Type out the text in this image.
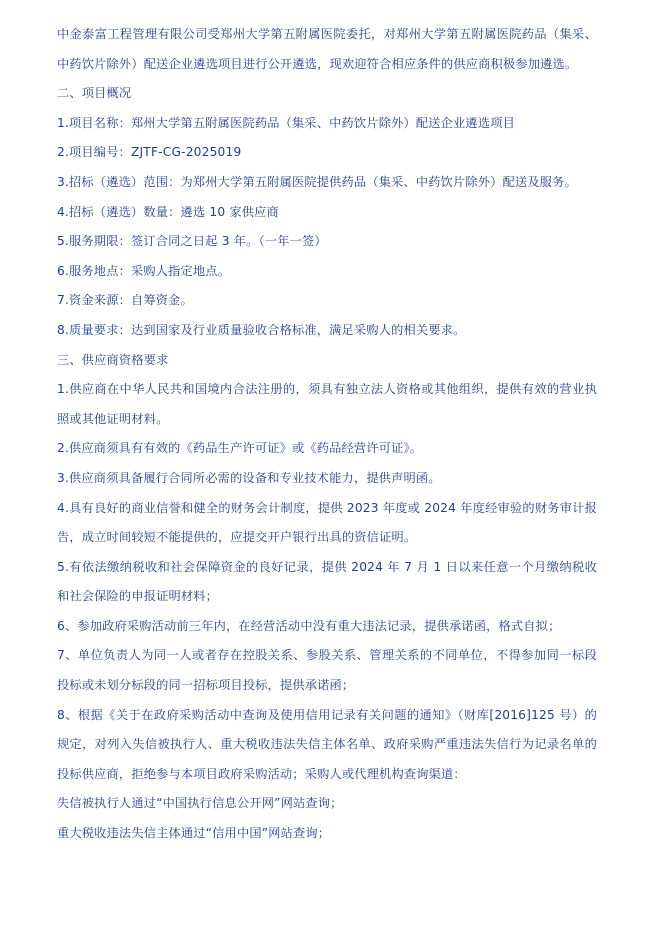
中金泰富工程管理有限公司受郑州大学第五附属医院委托，对郑州大学第五附属医院药品（集采、中药饮片除外）配送企业遴选项目进行公开遴选，现欢迎符合相应条件的供应商积极参加遴选。

二、项目概况

1.项目名称：郑州大学第五附属医院药品（集采、中药饮片除外）配送企业遴选项目

2.项目编号：ZJTF-CG-2025019

3.招标（遴选）范围：为郑州大学第五附属医院提供药品（集采、中药饮片除外）配送及服务。

4.招标（遴选）数量：遴选 10 家供应商

5.服务期限：签订合同之日起 3 年。（一年一签）

6.服务地点：采购人指定地点。

7.资金来源：自筹资金。

8.质量要求：达到国家及行业质量验收合格标准，满足采购人的相关要求。

三、供应商资格要求

1.供应商在中华人民共和国境内合法注册的，须具有独立法人资格或其他组织，提供有效的营业执照或其他证明材料。

2.供应商须具有有效的《药品生产许可证》或《药品经营许可证》。

3.供应商须具备履行合同所必需的设备和专业技术能力，提供声明函。

4.具有良好的商业信誉和健全的财务会计制度，提供 2023 年度或 2024 年度经审验的财务审计报告，成立时间较短不能提供的，应提交开户银行出具的资信证明。

5.有依法缴纳税收和社会保障资金的良好记录，提供 2024 年 7 月 1 日以来任意一个月缴纳税收和社会保险的申报证明材料；

6、参加政府采购活动前三年内，在经营活动中没有重大违法记录，提供承诺函，格式自拟；

7、单位负责人为同一人或者存在控股关系、参股关系、管理关系的不同单位，不得参加同一标段投标或未划分标段的同一招标项目投标，提供承诺函；

8、根据《关于在政府采购活动中查询及使用信用记录有关问题的通知》（财库[2016]125 号）的规定，对列入失信被执行人、重大税收违法失信主体名单、政府采购严重违法失信行为记录名单的投标供应商，拒绝参与本项目政府采购活动；采购人或代理机构查询渠道：

失信被执行人通过“中国执行信息公开网”网站查询；

重大税收违法失信主体通过“信用中国”网站查询；
